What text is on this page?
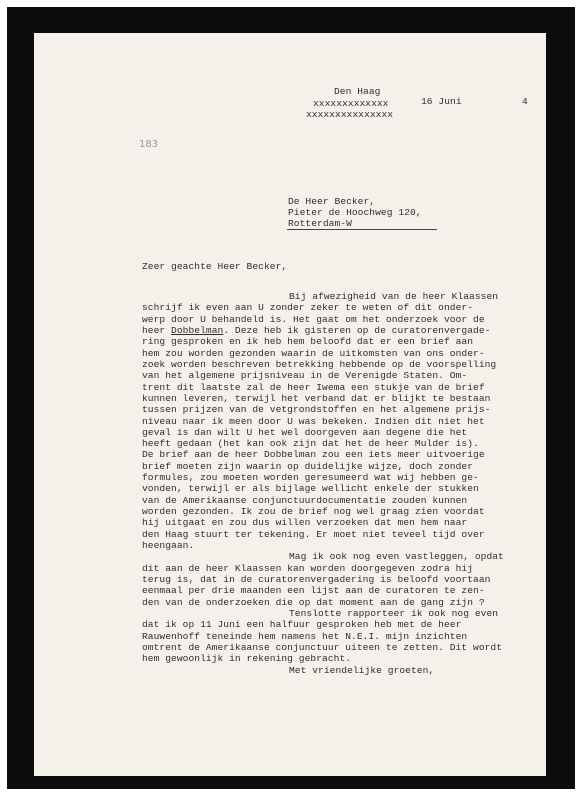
Den Haag
xxxxxxxxxxxxx
xxxxxxxxxxxxxxx
16 Juni	4
183
De Heer Becker,
Pieter de Hoochweg 120,
Rotterdam-W
Zeer geachte Heer Becker,
Bij afwezigheid van de heer Klaassen
schrijf ik even aan U zonder zeker te weten of dit onder-
werp door U behandeld is. Het gaat om het onderzoek voor de
heer Dobbelman. Deze heb ik gisteren op de curatorenvergade-
ring gesproken en ik heb hem beloofd dat er een brief aan
hem zou worden gezonden waarin de uitkomsten van ons onder-
zoek worden beschreven betrekking hebbende op de voorspelling
van het algemene prijsniveau in de Verenigde Staten. Om-
trent dit laatste zal de heer Iwema een stukje van de brief
kunnen leveren, terwijl het verband dat er blijkt te bestaan
tussen prijzen van de vetgrondstoffen en het algemene prijs-
niveau naar ik meen door U was bekeken. Indien dit niet het
geval is dan wilt U het wel doorgeven aan degene die het
heeft gedaan (het kan ook zijn dat het de heer Mulder is).
De brief aan de heer Dobbelman zou een iets meer uitvoerige
brief moeten zijn waarin op duidelijke wijze, doch zonder
formules, zou moeten worden geresumeerd wat wij hebben ge-
vonden, terwijl er als bijlage wellicht enkele der stukken
van de Amerikaanse conjunctuurdocumentatie zouden kunnen
worden gezonden. Ik zou de brief nog wel graag zien voordat
hij uitgaat en zou dus willen verzoeken dat men hem naar
den Haag stuurt ter tekening. Er moet niet teveel tijd over
heengaan.
Mag ik ook nog even vastleggen, opdat
dit aan de heer Klaassen kan worden doorgegeven zodra hij
terug is, dat in de curatorenvergadering is beloofd voortaan
eenmaal per drie maanden een lijst aan de curatoren te zen-
den van de onderzoeken die op dat moment aan de gang zijn ?
Tenslotte rapporteer ik ook nog even
dat ik op 11 Juni een halfuur gesproken heb met de heer
Rauwenhoff teneinde hem namens het N.E.I. mijn inzichten
omtrent de Amerikaanse conjunctuur uiteen te zetten. Dit wordt
hem gewoonlijk in rekening gebracht.
Met vriendelijke groeten,
